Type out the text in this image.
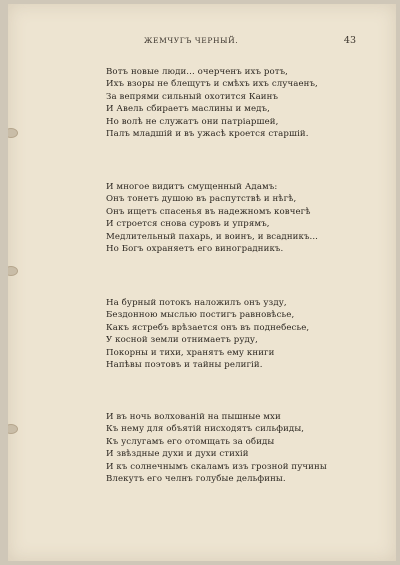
ЖЕМЧУГЪ ЧЕРНЫЙ.	43
Вотъ новые люди... очерченъ ихъ ротъ,
Ихъ взоры не блещутъ и смѣхъ ихъ случаенъ,
За вепрями сильный охотится Каинъ
И Авель сбираетъ маслины и медъ,
Но волѣ не служатъ они патріаршей,
Палъ младшій и въ ужасѣ кроется старшій.
И многое видитъ смущенный Адамъ:
Онъ тонетъ душою въ распутствѣ и нѣгѣ,
Онъ ищетъ спасенья въ надежномъ ковчегѣ
И строется снова суровъ и упрямъ,
Медлительный пахарь, и воинъ, и всадникъ...
Но Богъ охраняетъ его виноградникъ.
На бурный потокъ наложилъ онъ узду,
Бездонною мыслью постигъ равновѣсье,
Какъ ястребъ врѣзается онъ въ поднебесье,
У косной земли отнимаетъ руду,
Покорны и тихи, хранятъ ему книги
Напѣвы поэтовъ и тайны религій.
И въ ночь волхованій на пышные мхи
Къ нему для объятій нисходятъ сильфиды,
Къ услугамъ его отомщать за обиды
И звѣздные духи и духи стихій
И къ солнечнымъ скаламъ изъ грозной пучины
Влекутъ его челнъ голубые дельфины.
